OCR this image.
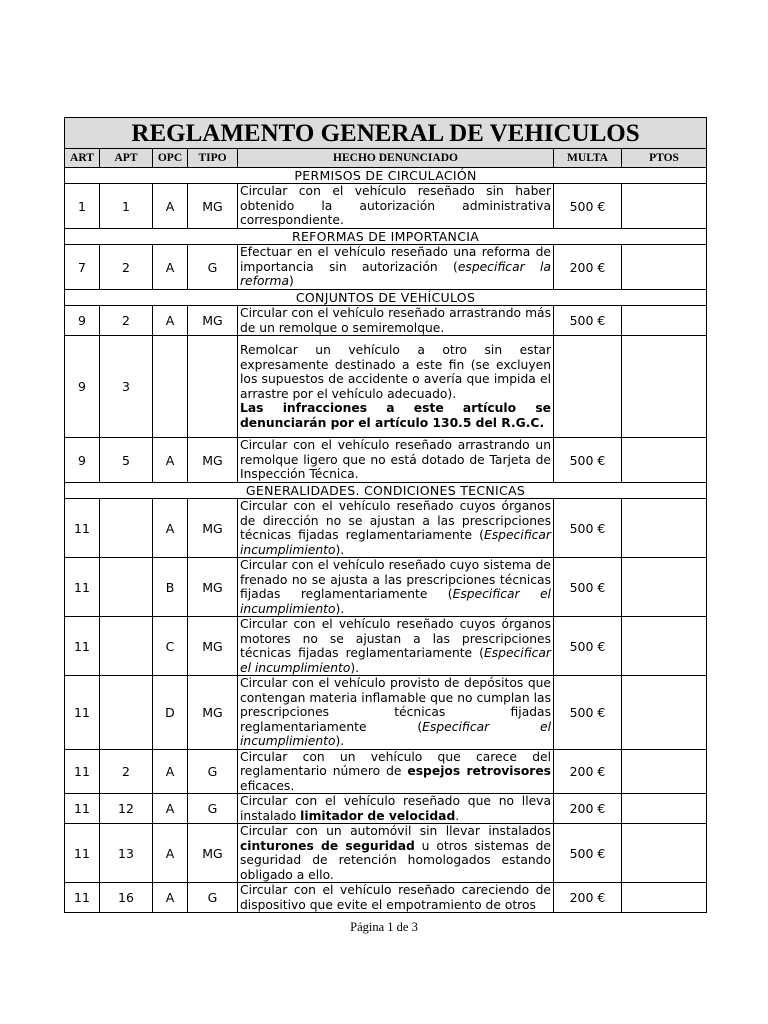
REGLAMENTO GENERAL DE VEHICULOS						
ART	APT	OPC	TIPO	HECHO DENUNCIADO	MULTA	PTOS
PERMISOS DE CIRCULACIÓN						
1	1	A	MG	Circular con el vehículo reseñado sin haber obtenido la autorización administrativa correspondiente.	500 €	
REFORMAS DE IMPORTANCIA						
7	2	A	G	Efectuar en el vehículo reseñado una reforma de importancia sin autorización (especificar la reforma)	200 €	
CONJUNTOS DE VEHÍCULOS						
9	2	A	MG	Circular con el vehículo reseñado arrastrando más de un remolque o semiremolque.	500 €	
9	3			Remolcar un vehículo a otro sin estar expresamente destinado a este fin (se excluyen los supuestos de accidente o avería que impida el arrastre por el vehículo adecuado).
Las infracciones a este artículo se denunciarán por el artículo 130.5 del R.G.C.		
9	5	A	MG	Circular con el vehículo reseñado arrastrando un remolque ligero que no está dotado de Tarjeta de Inspección Técnica.	500 €	
GENERALIDADES. CONDICIONES TECNICAS						
11		A	MG	Circular con el vehículo reseñado cuyos órganos de dirección no se ajustan a las prescripciones técnicas fijadas reglamentariamente (Especificar incumplimiento).	500 €	
11		B	MG	Circular con el vehículo reseñado cuyo sistema de frenado no se ajusta a las prescripciones técnicas fijadas reglamentariamente (Especificar el incumplimiento).	500 €	
11		C	MG	Circular con el vehículo reseñado cuyos órganos motores no se ajustan a las prescripciones técnicas fijadas reglamentariamente (Especificar el incumplimiento).	500 €	
11		D	MG	Circular con el vehículo provisto de depósitos que contengan materia inflamable que no cumplan las prescripciones técnicas fijadas reglamentariamente (Especificar el incumplimiento).	500 €	
11	2	A	G	Circular con un vehículo que carece del reglamentario número de espejos retrovisores eficaces.	200 €	
11	12	A	G	Circular con el vehículo reseñado que no lleva instalado limitador de velocidad.	200 €	
11	13	A	MG	Circular con un automóvil sin llevar instalados cinturones de seguridad u otros sistemas de seguridad de retención homologados estando obligado a ello.	500 €	
11	16	A	G	Circular con el vehículo reseñado careciendo de dispositivo que evite el empotramiento de otros	200 €	
Página 1 de 3
